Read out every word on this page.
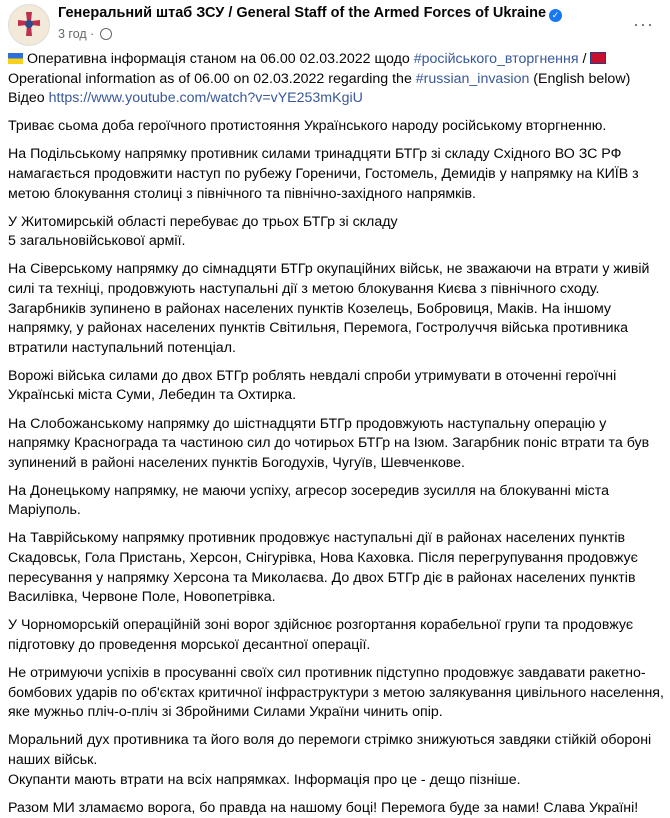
Генеральний штаб ЗСУ / General Staff of the Armed Forces of Ukraine ✓
3 год ·	···
Оперативна інформація станом на 06.00 02.03.2022 щодо #російського_вторгнення /
Operational information as of 06.00 on 02.03.2022 regarding the #russian_invasion (English below)
Відео https://www.youtube.com/watch?v=vYE253mKgiU
Триває сьома доба героїчного протистояння Українського народу російському вторгненню.
На Подільському напрямку противник силами тринадцяти БТГр зі складу Східного ВО ЗС РФ
намагається продовжити наступ по рубежу Гореничи, Гостомель, Демидів у напрямку на КИЇВ з
метою блокування столиці з північного та північно-західного напрямків.
У Житомирській області перебуває до трьох БТГр зі складу
5 загальновійськової армії.
На Сіверському напрямку до сімнадцяти БТГр окупаційних військ, не зважаючи на втрати у живій
силі та техніці, продовжують наступальні дії з метою блокування Києва з північного сходу.
Загарбників зупинено в районах населених пунктів Козелець, Бобровиця, Маків. На іншому
напрямку, у районах населених пунктів Світильня, Перемога, Гостролуччя війська противника
втратили наступальний потенціал.
Ворожі війська силами до двох БТГр роблять невдалі спроби утримувати в оточенні героїчні
Українські міста Суми, Лебедин та Охтирка.
На Слобожанському напрямку до шістнадцяти БТГр продовжують наступальну операцію у
напрямку Краснограда та частиною сил до чотирьох БТГр на Ізюм. Загарбник поніс втрати та був
зупинений в районі населених пунктів Богодухів, Чугуїв, Шевченкове.
На Донецькому напрямку, не маючи успіху, агресор зосередив зусилля на блокуванні міста
Маріуполь.
На Таврійському напрямку противник продовжує наступальні дії в районах населених пунктів
Скадовськ, Гола Пристань, Херсон, Снігурівка, Нова Каховка. Після перегрупування продовжує
пересування у напрямку Херсона та Миколаєва. До двох БТГр діє в районах населених пунктів
Василівка, Червоне Поле, Новопетрівка.
У Чорноморській операційній зоні ворог здійснює розгортання корабельної групи та продовжує
підготовку до проведення морської десантної операції.
Не отримуючи успіхів в просуванні своїх сил противник підступно продовжує завдавати ракетно-
бомбових ударів по об'єктах критичної інфраструктури з метою залякування цивільного населення,
яке мужньо пліч-о-пліч зі Збройними Силами України чинить опір.
Моральний дух противника та його воля до перемоги стрімко знижуються завдяки стійкій обороні
наших військ.
Окупанти мають втрати на всіх напрямках. Інформація про це - дещо пізніше.
Разом МИ зламаємо ворога, бо правда на нашому боці! Перемога буде за нами! Слава Україні!
